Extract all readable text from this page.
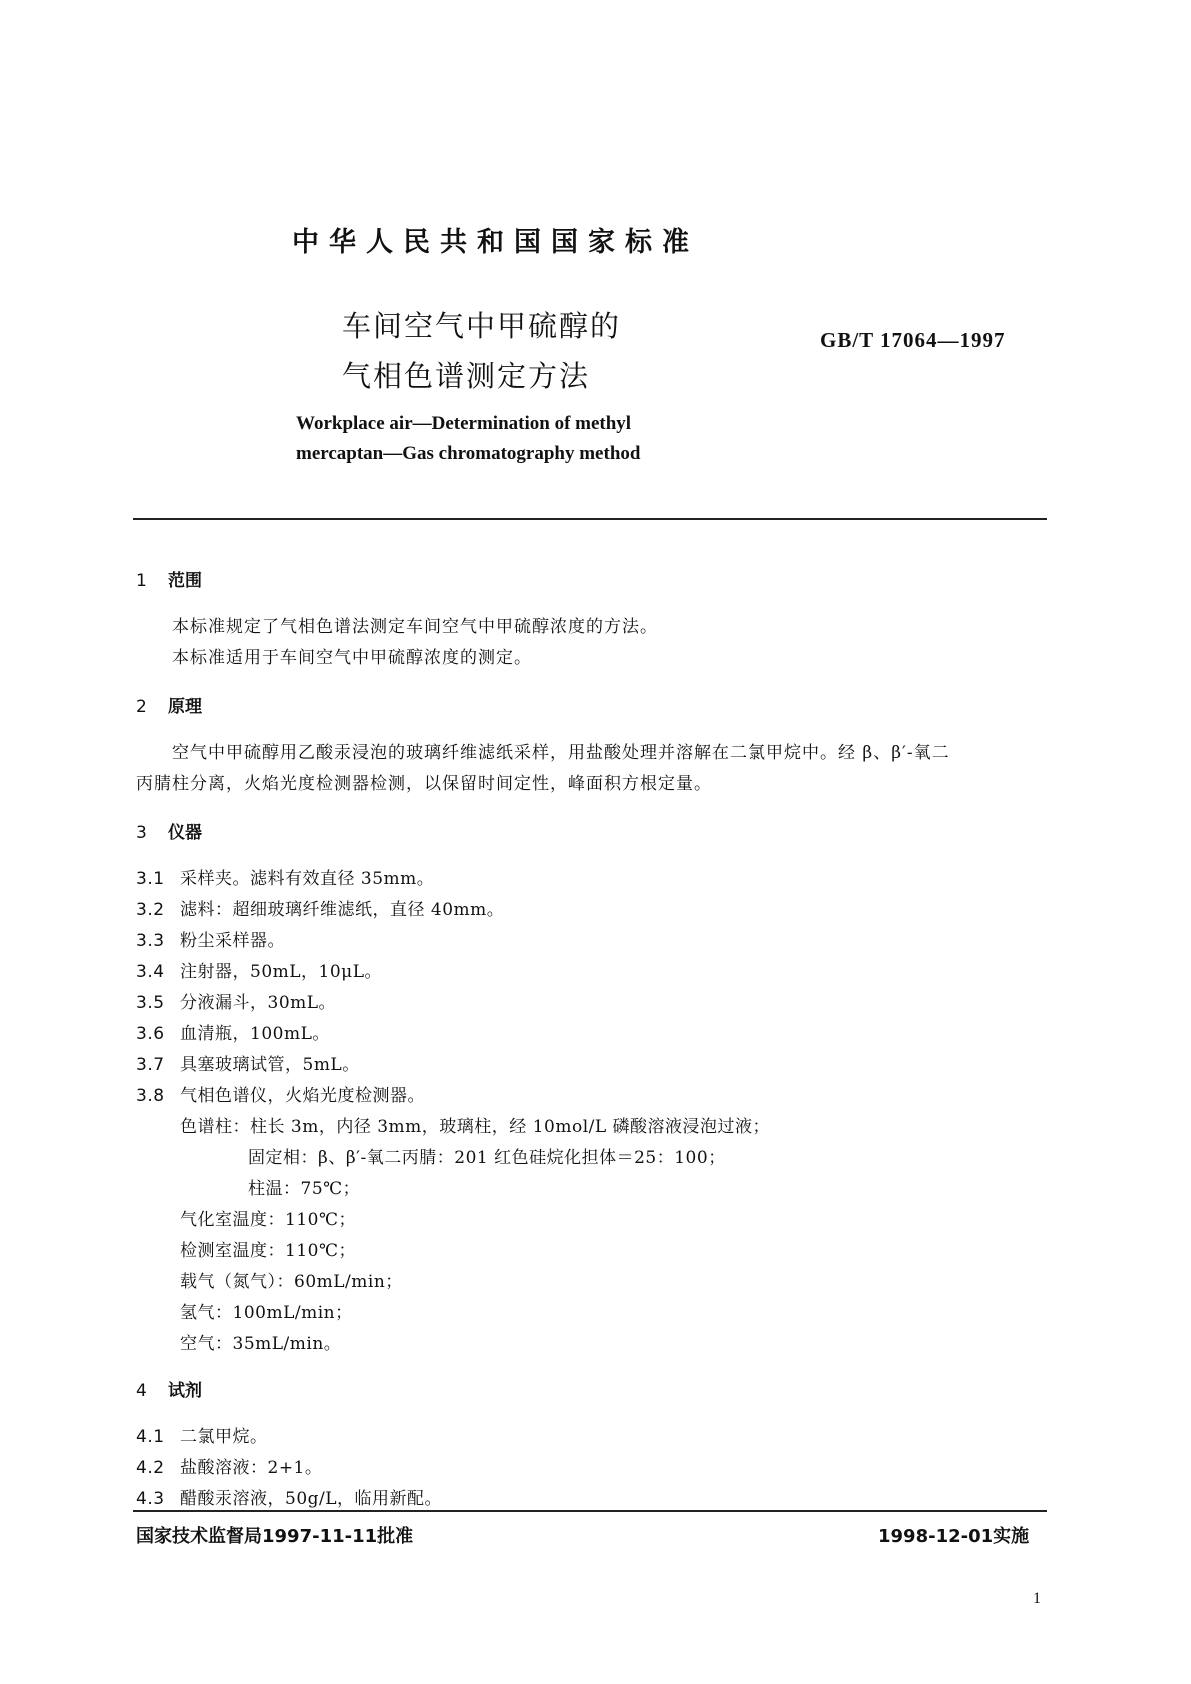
中华人民共和国国家标准
车间空气中甲硫醇的
气相色谱测定方法
GB/T 17064—1997
Workplace air—Determination of methyl
mercaptan—Gas chromatography method
1 范围
本标准规定了气相色谱法测定车间空气中甲硫醇浓度的方法。
本标准适用于车间空气中甲硫醇浓度的测定。
2 原理
空气中甲硫醇用乙酸汞浸泡的玻璃纤维滤纸采样，用盐酸处理并溶解在二氯甲烷中。经 β、β′-氧二
丙腈柱分离，火焰光度检测器检测，以保留时间定性，峰面积方根定量。
3 仪器
3.1 采样夹。滤料有效直径 35mm。
3.2 滤料：超细玻璃纤维滤纸，直径 40mm。
3.3 粉尘采样器。
3.4 注射器，50mL，10μL。
3.5 分液漏斗，30mL。
3.6 血清瓶，100mL。
3.7 具塞玻璃试管，5mL。
3.8 气相色谱仪，火焰光度检测器。
色谱柱：柱长 3m，内径 3mm，玻璃柱，经 10mol/L 磷酸溶液浸泡过液；
固定相：β、β′-氧二丙腈：201 红色硅烷化担体＝25：100；
柱温：75℃；
气化室温度：110℃；
检测室温度：110℃；
载气（氮气）：60mL/min；
氢气：100mL/min；
空气：35mL/min。
4 试剂
4.1 二氯甲烷。
4.2 盐酸溶液：2+1。
4.3 醋酸汞溶液，50g/L，临用新配。
国家技术监督局1997-11-11批准	1998-12-01实施
1
